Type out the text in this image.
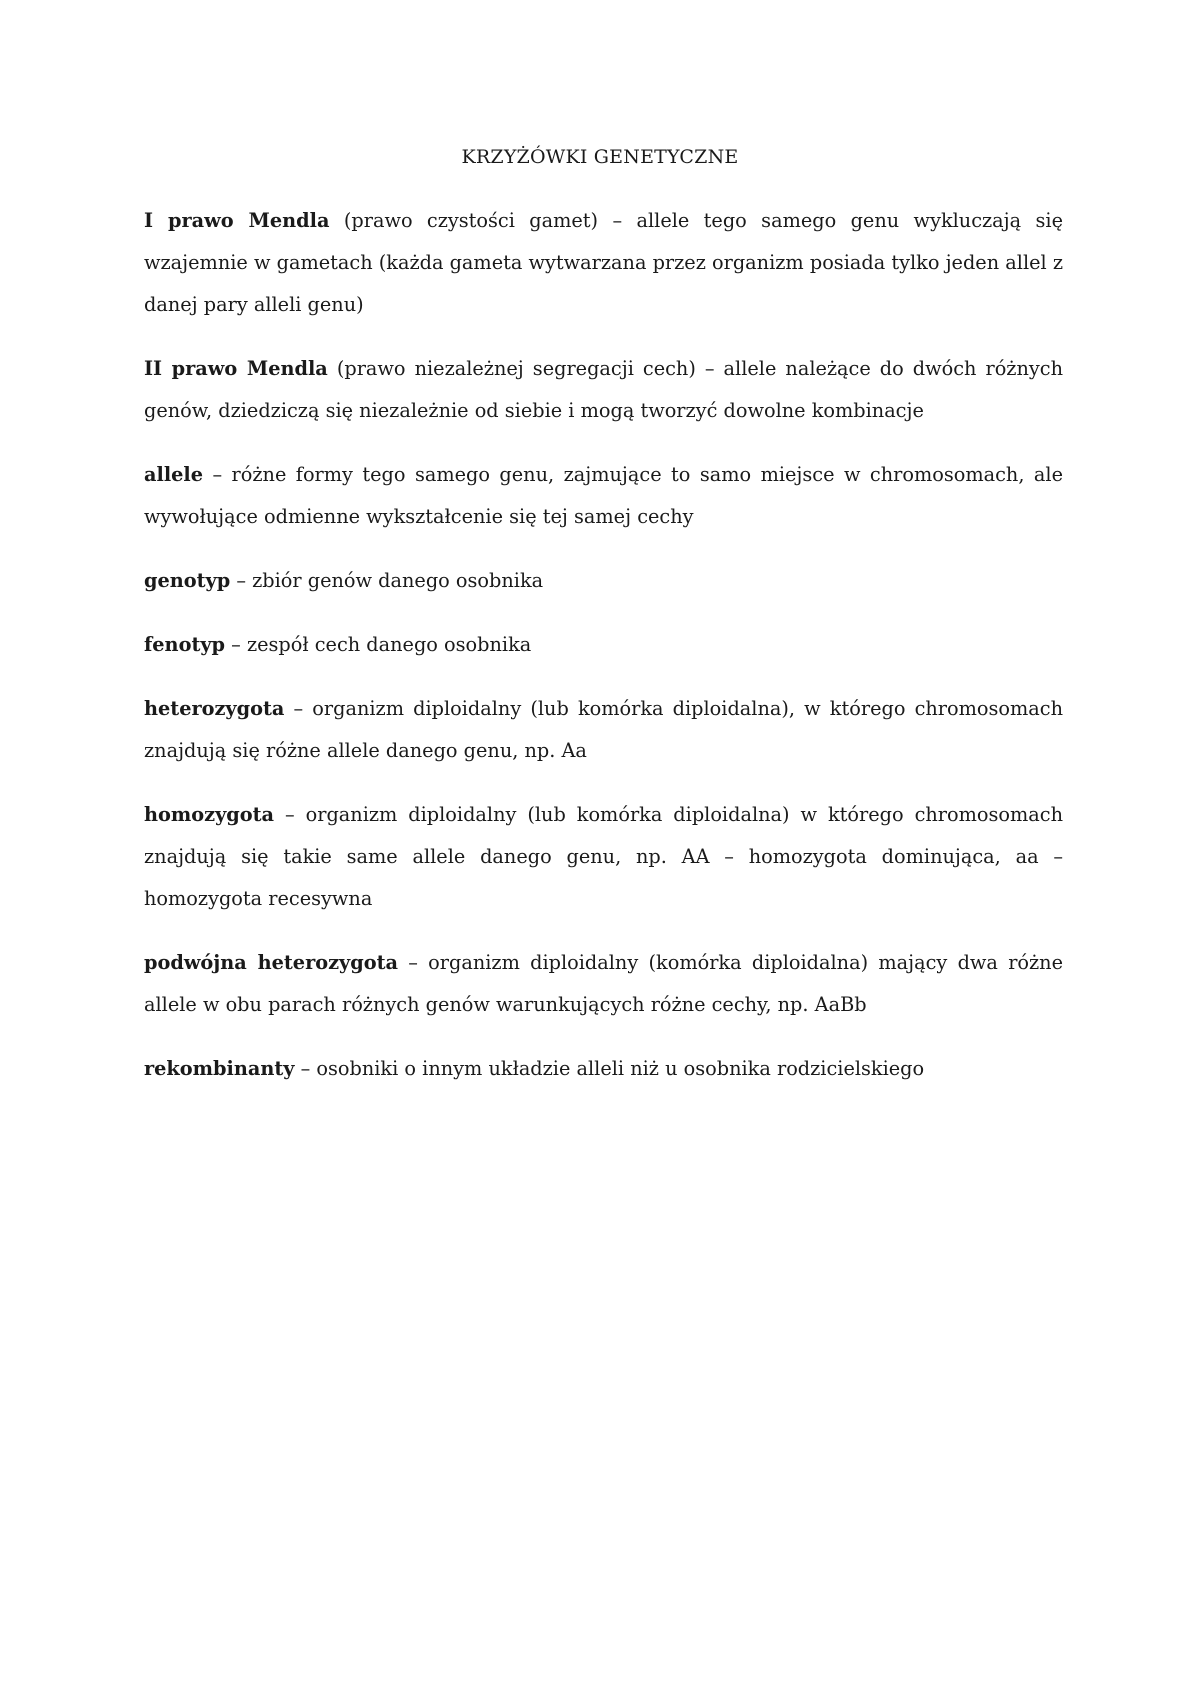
KRZYŻÓWKI GENETYCZNE

I prawo Mendla (prawo czystości gamet) – allele tego samego genu wykluczają się wzajemnie w gametach (każda gameta wytwarzana przez organizm posiada tylko jeden allel z danej pary alleli genu)

II prawo Mendla (prawo niezależnej segregacji cech) – allele należące do dwóch różnych genów, dziedziczą się niezależnie od siebie i mogą tworzyć dowolne kombinacje

allele – różne formy tego samego genu, zajmujące to samo miejsce w chromosomach, ale wywołujące odmienne wykształcenie się tej samej cechy

genotyp – zbiór genów danego osobnika

fenotyp – zespół cech danego osobnika

heterozygota – organizm diploidalny (lub komórka diploidalna), w którego chromosomach znajdują się różne allele danego genu, np. Aa

homozygota – organizm diploidalny (lub komórka diploidalna) w którego chromosomach znajdują się takie same allele danego genu, np. AA – homozygota dominująca, aa – homozygota recesywna

podwójna heterozygota – organizm diploidalny (komórka diploidalna) mający dwa różne allele w obu parach różnych genów warunkujących różne cechy, np. AaBb

rekombinanty – osobniki o innym układzie alleli niż u osobnika rodzicielskiego
